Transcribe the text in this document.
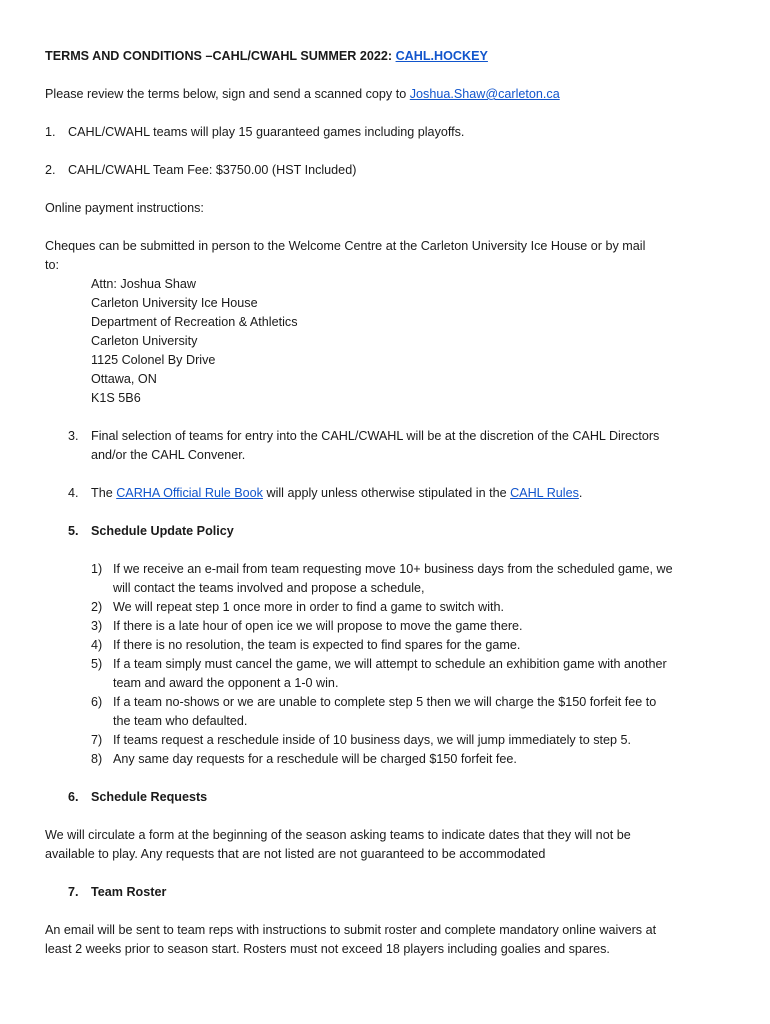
TERMS AND CONDITIONS –CAHL/CWAHL SUMMER 2022: CAHL.HOCKEY
Please review the terms below, sign and send a scanned copy to Joshua.Shaw@carleton.ca
1. CAHL/CWAHL teams will play 15 guaranteed games including playoffs.
2. CAHL/CWAHL Team Fee: $3750.00 (HST Included)
Online payment instructions:
Cheques can be submitted in person to the Welcome Centre at the Carleton University Ice House or by mail
to:
Attn: Joshua Shaw
Carleton University Ice House
Department of Recreation & Athletics
Carleton University
1125 Colonel By Drive
Ottawa, ON
K1S 5B6
3. Final selection of teams for entry into the CAHL/CWAHL will be at the discretion of the CAHL Directors
and/or the CAHL Convener.
4. The CARHA Official Rule Book will apply unless otherwise stipulated in the CAHL Rules.
5. Schedule Update Policy
1) If we receive an e-mail from team requesting move 10+ business days from the scheduled game, we
will contact the teams involved and propose a schedule,
2) We will repeat step 1 once more in order to find a game to switch with.
3) If there is a late hour of open ice we will propose to move the game there.
4) If there is no resolution, the team is expected to find spares for the game.
5) If a team simply must cancel the game, we will attempt to schedule an exhibition game with another
team and award the opponent a 1-0 win.
6) If a team no-shows or we are unable to complete step 5 then we will charge the $150 forfeit fee to
the team who defaulted.
7) If teams request a reschedule inside of 10 business days, we will jump immediately to step 5.
8) Any same day requests for a reschedule will be charged $150 forfeit fee.
6. Schedule Requests
We will circulate a form at the beginning of the season asking teams to indicate dates that they will not be
available to play. Any requests that are not listed are not guaranteed to be accommodated
7. Team Roster
An email will be sent to team reps with instructions to submit roster and complete mandatory online waivers at
least 2 weeks prior to season start. Rosters must not exceed 18 players including goalies and spares.
